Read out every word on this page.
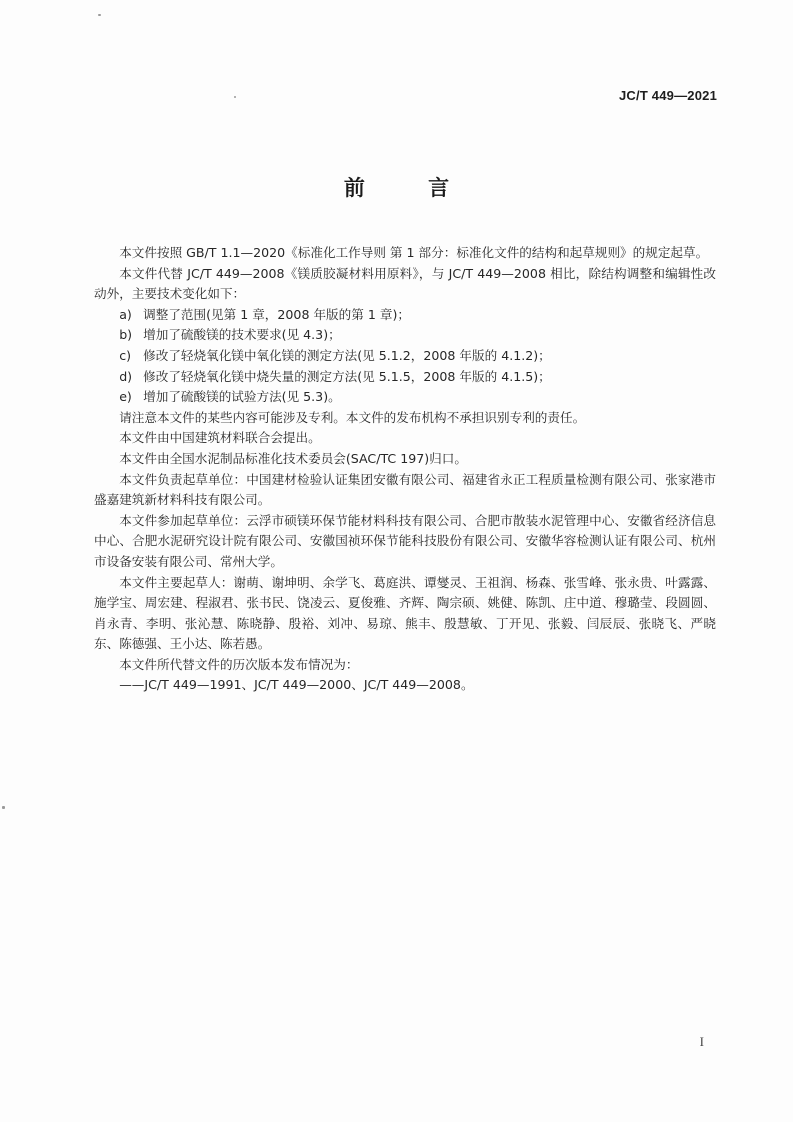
JC/T 449—2021
前 言

本文件按照 GB/T 1.1—2020《标准化工作导则 第 1 部分：标准化文件的结构和起草规则》的规定起草。

本文件代替 JC/T 449—2008《镁质胶凝材料用原料》，与 JC/T 449—2008 相比，除结构调整和编辑性改动外，主要技术变化如下：

a) 调整了范围(见第 1 章，2008 年版的第 1 章)；

b) 增加了硫酸镁的技术要求(见 4.3)；

c) 修改了轻烧氧化镁中氧化镁的测定方法(见 5.1.2，2008 年版的 4.1.2)；

d) 修改了轻烧氧化镁中烧失量的测定方法(见 5.1.5，2008 年版的 4.1.5)；

e) 增加了硫酸镁的试验方法(见 5.3)。

请注意本文件的某些内容可能涉及专利。本文件的发布机构不承担识别专利的责任。

本文件由中国建筑材料联合会提出。

本文件由全国水泥制品标准化技术委员会(SAC/TC 197)归口。

本文件负责起草单位：中国建材检验认证集团安徽有限公司、福建省永正工程质量检测有限公司、张家港市盛嘉建筑新材料科技有限公司。

本文件参加起草单位：云浮市硕镁环保节能材料科技有限公司、合肥市散装水泥管理中心、安徽省经济信息中心、合肥水泥研究设计院有限公司、安徽国祯环保节能科技股份有限公司、安徽华容检测认证有限公司、杭州市设备安装有限公司、常州大学。

本文件主要起草人：谢萌、谢坤明、余学飞、葛庭洪、谭燮灵、王祖润、杨森、张雪峰、张永贵、叶露露、施学宝、周宏建、程淑君、张书民、饶凌云、夏俊雅、齐辉、陶宗硕、姚健、陈凯、庄中道、穆璐莹、段圆圆、肖永青、李明、张沁慧、陈晓静、殷裕、刘冲、易琼、熊丰、殷慧敏、丁开见、张毅、闫辰辰、张晓飞、严晓东、陈德强、王小达、陈若愚。

本文件所代替文件的历次版本发布情况为：

——JC/T 449—1991、JC/T 449—2000、JC/T 449—2008。

I
